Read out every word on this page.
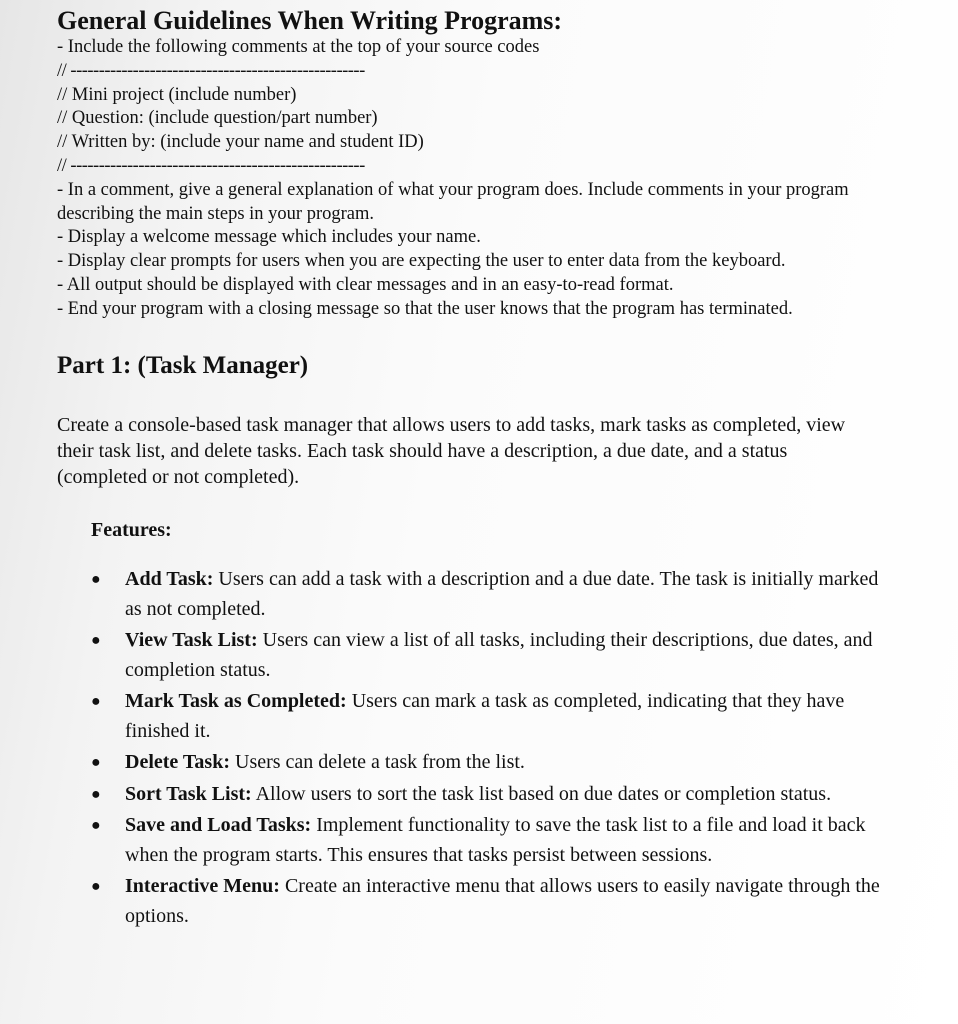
General Guidelines When Writing Programs:
- Include the following comments at the top of your source codes
// ----------------------------------------------------
// Mini project (include number)
// Question: (include question/part number)
// Written by: (include your name and student ID)
// ----------------------------------------------------
- In a comment, give a general explanation of what your program does. Include comments in your program describing the main steps in your program.
- Display a welcome message which includes your name.
- Display clear prompts for users when you are expecting the user to enter data from the keyboard.
- All output should be displayed with clear messages and in an easy-to-read format.
- End your program with a closing message so that the user knows that the program has terminated.
Part 1: (Task Manager)

Create a console-based task manager that allows users to add tasks, mark tasks as completed, view their task list, and delete tasks. Each task should have a description, a due date, and a status (completed or not completed).

Features:

● Add Task: Users can add a task with a description and a due date. The task is initially marked as not completed.
● View Task List: Users can view a list of all tasks, including their descriptions, due dates, and completion status.
● Mark Task as Completed: Users can mark a task as completed, indicating that they have finished it.
● Delete Task: Users can delete a task from the list.
● Sort Task List: Allow users to sort the task list based on due dates or completion status.
● Save and Load Tasks: Implement functionality to save the task list to a file and load it back when the program starts. This ensures that tasks persist between sessions.
● Interactive Menu: Create an interactive menu that allows users to easily navigate through the options.
